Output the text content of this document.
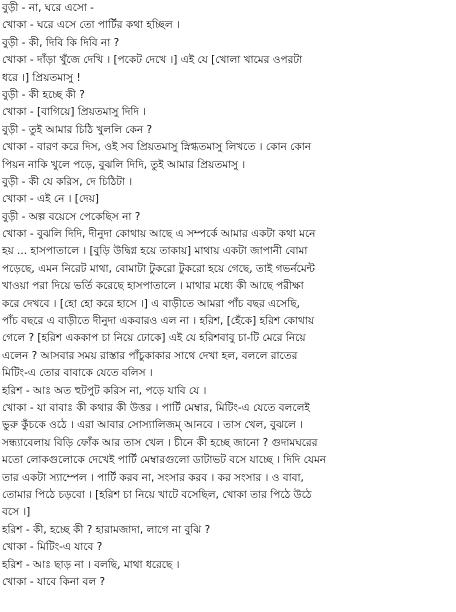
বুড়ী - না, ঘরে এসো -
খোকা - ঘরে এসে তো পার্টির কথা হচ্ছিল ।
বুড়ী - কী, দিবি কি দিবি না ?
খোকা - দাঁড়া খুঁজে দেখি । [পকেট দেখে ।] এই যে [খোলা খামের ওপরটা
ধরে ।] প্রিয়তমাসু !
বুড়ী - কী হচ্ছে কী ?
খোকা - [বাগিয়ে] প্রিয়তমাসু দিদি ।
বুড়ী - তুই আমার চিঠি খুললি কেন ?
খোকা - বারণ করে দিস, ওই সব প্রিয়তমাসু স্নিগ্ধতমাসু লিখতে । কোন কোন
পিয়ন নাকি খুলে পড়ে, বুঝলি দিদি, তুই আমার প্রিয়তমাসু ।
বুড়ী - কী যে করিস, দে চিঠিটা ।
খোকা - এই নে । [দেয়]
বুড়ী - অল্প বয়েসে পেকেছিস না ?
খোকা - বুঝলি দিদি, দীনুদা কোথায় আছে এ সম্পর্কে আমার একটা কথা মনে
হয় ... হাসপাতালে । [বুড়ি উদ্বিগ্ন হয়ে তাকায়] মাথায় একটা জাপানী বোমা
পড়েছে, এমন নিরেট মাথা, বোমাটা টুকরো টুকরো হয়ে গেছে, তাই গভর্নমেন্ট
খাওয়া পরা দিয়ে ভর্তি করেছে হাসপাতালে । মাথার মধ্যে কী আছে পরীক্ষা
করে দেখবে । [হো হো করে হাসে ।] এ বাড়ীতে আমরা পাঁচ বছর এসেছি,
পাঁচ বছরে এ বাড়ীতে দীনুদা একবারও এল না । হরিশ, [হেঁকে] হরিশ কোথায়
গেলে ? [হরিশ এককাপ চা নিয়ে ঢোকে] এই যে হরিশবাবু চা-টি মেরে নিয়ে
এলেন ? আসবার সময় রাস্তার পাঁচুকাকার সাথে দেখা হল, বললে রাতের
মিটিং-এ তোর বাবাকে যেতে বলিস ।
হরিশ - আঃ অত হুটপুট করিস না, পড়ে যাবি যে ।
খোকা - যা বাবাঃ কী কথার কী উত্তর । পার্টি মেম্বার, মিটিং-এ যেতে বললেই
ভুরু কুঁচকে ওঠে । এরা আবার সোস্যালিজম্ আনবে । তাস খেল, বুঝলে ।
সন্ধ্যাবেলায় বিড়ি ফোঁক আর তাস খেল । চীনে কী হচ্ছে জানো ? গুদামঘরের
মতো লোকগুলোকে দেখেই পার্টি মেম্বারগুলো ডাটাভট বসে যাচ্ছে । দিদি যেমন
তার একটা স্যাম্পেল । পার্টি করব না, সংসার করব । কর সংসার । ও বাবা,
তোমার পিঠে চড়বো । [হরিশ চা নিয়ে খাটে বসেছিল, খোকা তার পিঠে উঠে
বসে ।]
হরিশ - কী, হচ্ছে কী ? হারামজাদা, লাগে না বুঝি ?
খোকা - মিটিং-এ যাবে ?
হরিশ - আঃ ছাড় না । বলছি, মাথা ধরেছে ।
খোকা - যাবে কিনা বল ?
